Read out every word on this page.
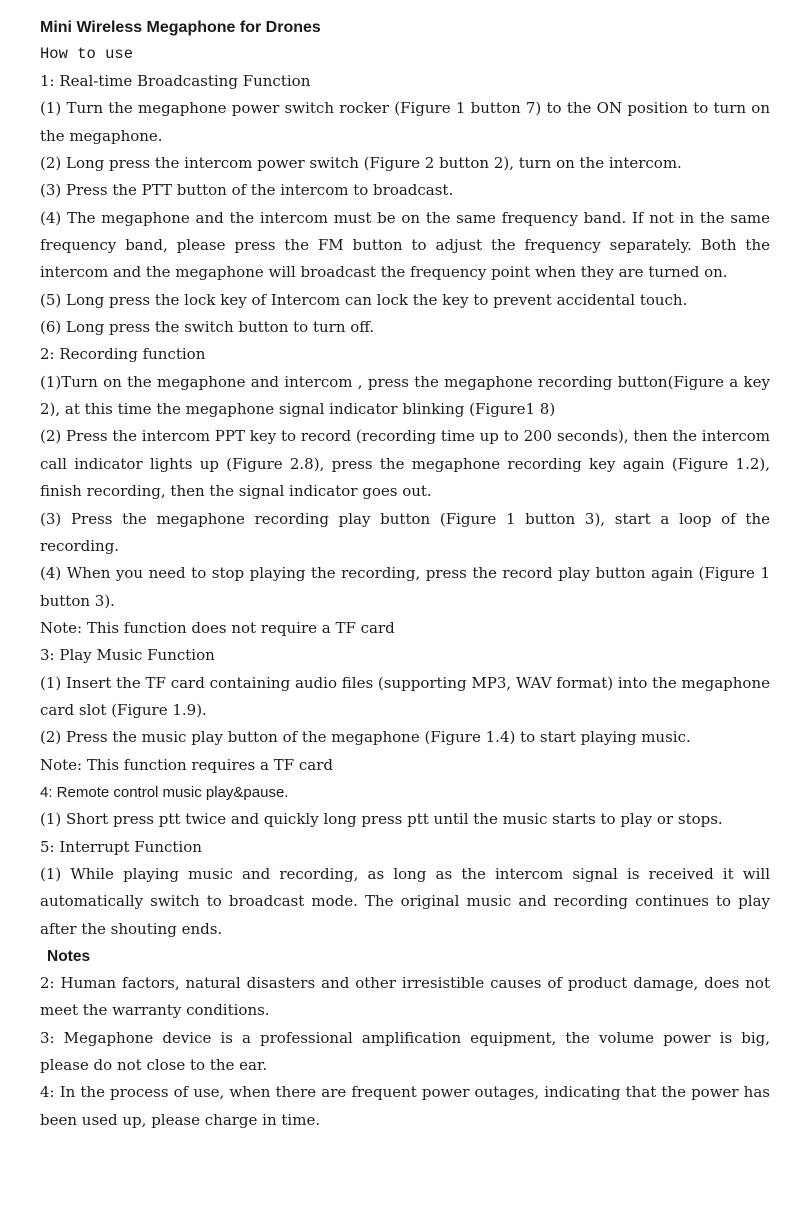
Mini Wireless Megaphone for Drones
How to use
1: Real-time Broadcasting Function
(1) Turn the megaphone power switch rocker (Figure 1 button 7) to the ON position to turn on the megaphone.
(2) Long press the intercom power switch (Figure 2 button 2), turn on the intercom.
(3) Press the PTT button of the intercom to broadcast.
(4) The megaphone and the intercom must be on the same frequency band. If not in the same frequency band, please press the FM button to adjust the frequency separately. Both the intercom and the megaphone will broadcast the frequency point when they are turned on.
(5) Long press the lock key of Intercom can lock the key to prevent accidental touch.
(6) Long press the switch button to turn off.
2: Recording function
(1)Turn on the megaphone and intercom , press the megaphone recording button(Figure a key 2), at this time the megaphone signal indicator blinking (Figure1 8)
(2) Press the intercom PPT key to record (recording time up to 200 seconds), then the intercom call indicator lights up (Figure 2.8), press the megaphone recording key again (Figure 1.2), finish recording, then the signal indicator goes out.
(3) Press the megaphone recording play button (Figure 1 button 3), start a loop of the recording.
(4) When you need to stop playing the recording, press the record play button again (Figure 1 button 3).
Note: This function does not require a TF card
3: Play Music Function
(1) Insert the TF card containing audio files (supporting MP3, WAV format) into the megaphone card slot (Figure 1.9).
(2) Press the music play button of the megaphone (Figure 1.4) to start playing music.
Note: This function requires a TF card
4: Remote control music play&pause.
(1) Short press ptt twice and quickly long press ptt until the music starts to play or stops.
5: Interrupt Function
(1) While playing music and recording, as long as the intercom signal is received it will automatically switch to broadcast mode. The original music and recording continues to play after the shouting ends.
Notes
2: Human factors, natural disasters and other irresistible causes of product damage, does not meet the warranty conditions.
3: Megaphone device is a professional amplification equipment, the volume power is big, please do not close to the ear.
4: In the process of use, when there are frequent power outages, indicating that the power has been used up, please charge in time.
